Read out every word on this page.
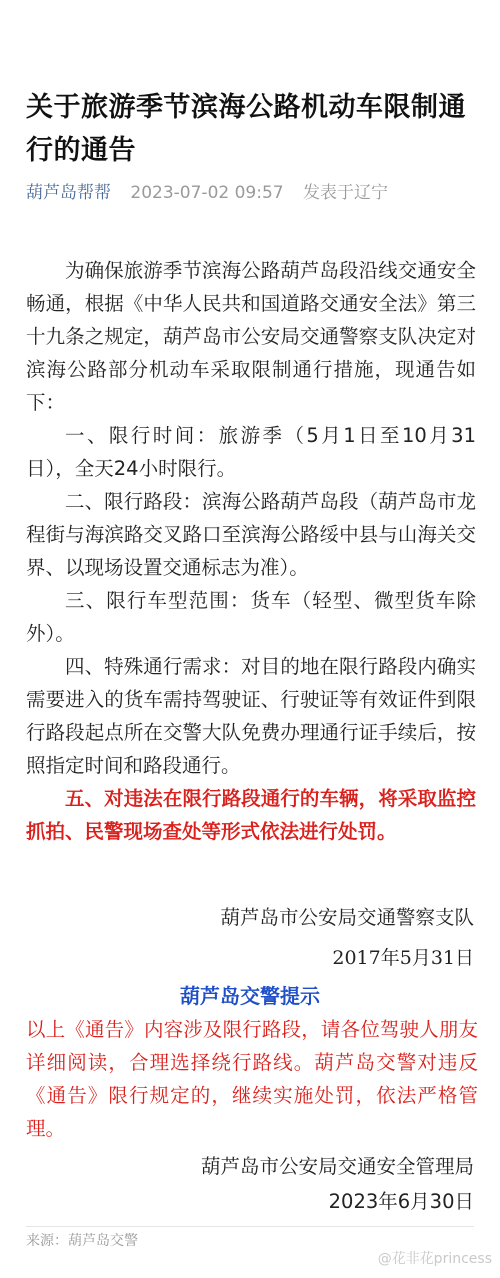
关于旅游季节滨海公路机动车限制通行的通告
葫芦岛帮帮 2023-07-02 09:57 发表于辽宁

为确保旅游季节滨海公路葫芦岛段沿线交通安全畅通，根据《中华人民共和国道路交通安全法》第三十九条之规定，葫芦岛市公安局交通警察支队决定对滨海公路部分机动车采取限制通行措施，现通告如下：

一、限行时间：旅游季（5月1日至10月31日），全天24小时限行。

二、限行路段：滨海公路葫芦岛段（葫芦岛市龙程街与海滨路交叉路口至滨海公路绥中县与山海关交界、以现场设置交通标志为准）。

三、限行车型范围：货车（轻型、微型货车除外）。

四、特殊通行需求：对目的地在限行路段内确实需要进入的货车需持驾驶证、行驶证等有效证件到限行路段起点所在交警大队免费办理通行证手续后，按照指定时间和路段通行。

五、对违法在限行路段通行的车辆，将采取监控抓拍、民警现场查处等形式依法进行处罚。

葫芦岛市公安局交通警察支队
2017年5月31日
葫芦岛交警提示

以上《通告》内容涉及限行路段，请各位驾驶人朋友详细阅读，合理选择绕行路线。葫芦岛交警对违反《通告》限行规定的，继续实施处罚，依法严格管理。

葫芦岛市公安局交通安全管理局
2023年6月30日
来源：葫芦岛交警
@花非花princess
